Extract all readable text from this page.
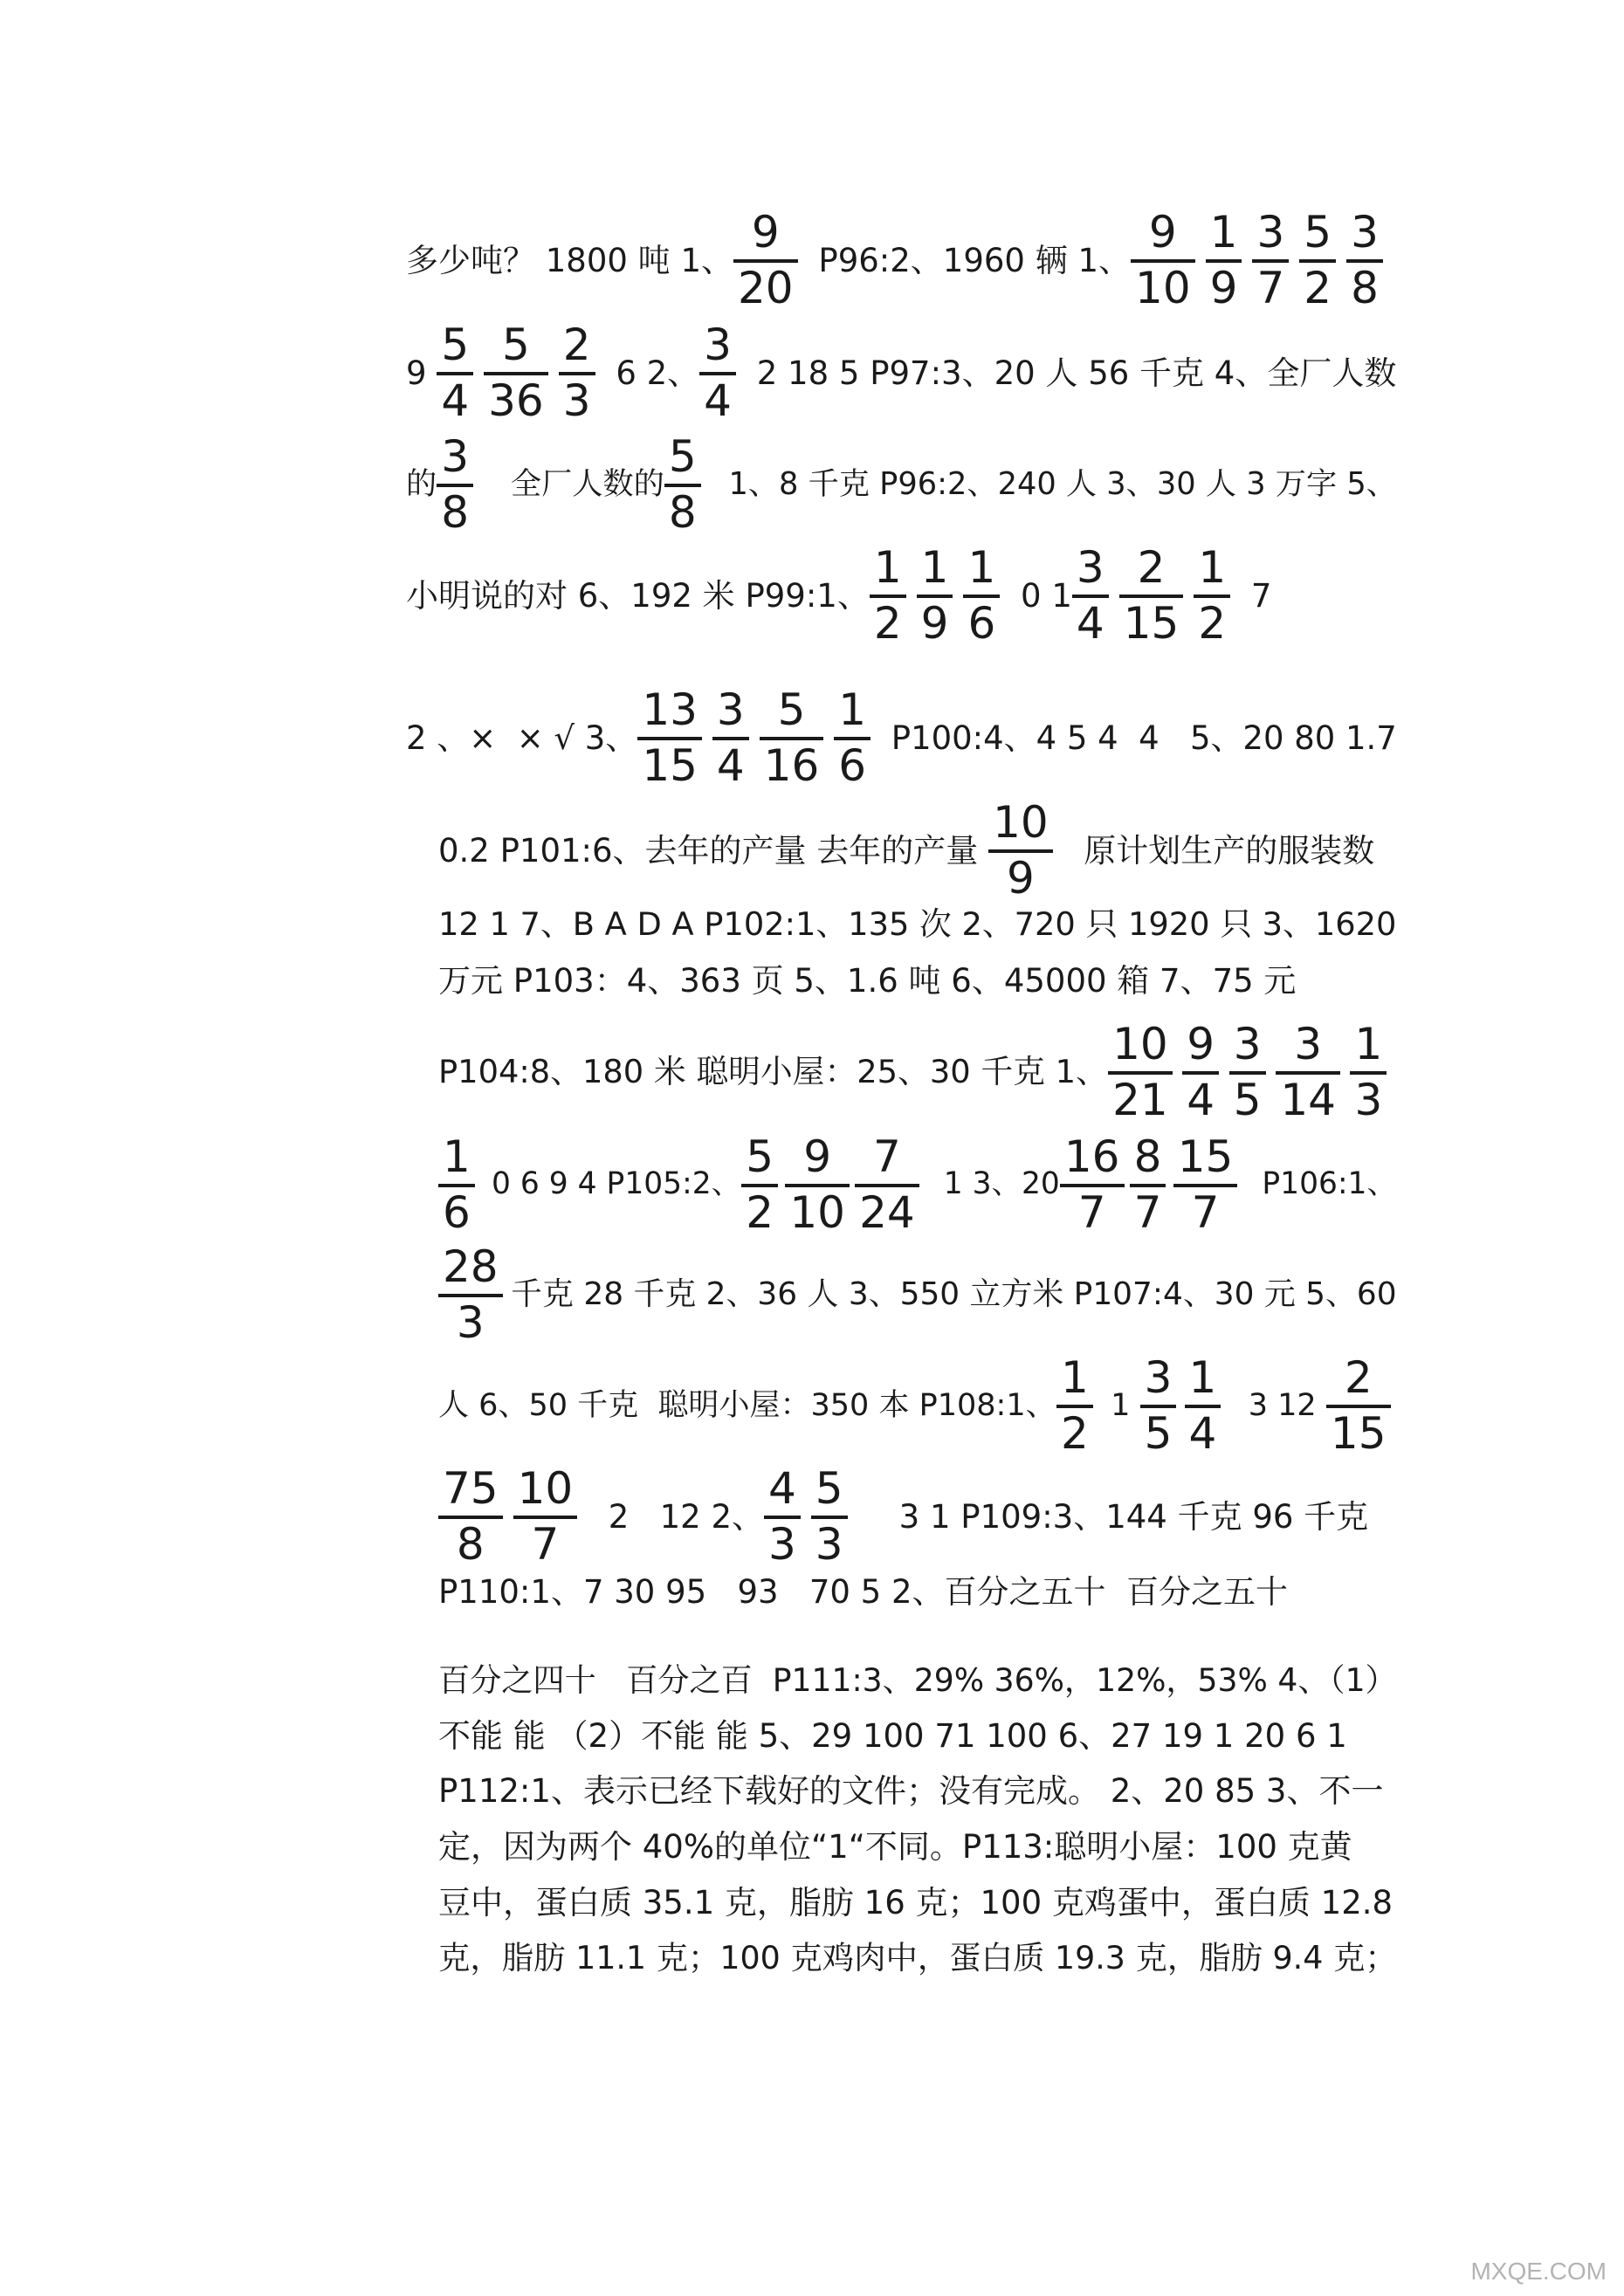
多少吨？ 1800 吨 1、
9
20
P96:2、1960 辆 1、
9
10
1
9
3
7
5
2
3
8
9
5
4
5
36
2
3
6 2、
3
4
2 18 5 P97:3、20 人 56 千克 4、全厂人数
的
3
8
全厂人数的
5
8
1、8 千克 P96:2、240 人 3、30 人 3 万字 5、
小明说的对 6、192 米 P99:1、
1
2
1
9
1
6
0 1
3
4
2
15
1
2
7
2 、×  × √ 3、
13
15
3
4
5
16
1
6
P100:4、4 5 4  4   5、20 80 1.7
0.2 P101:6、去年的产量 去年的产量
10
9
原计划生产的服装数
12 1 7、B A D A P102:1、135 次 2、720 只 1920 只 3、1620
万元 P103：4、363 页 5、1.6 吨 6、45000 箱 7、75 元
P104:8、180 米 聪明小屋：25、30 千克 1、
10
21
9
4
3
5
3
14
1
3
1
6
0 6 9 4 P105:2、
5
2
9
10
7
24
1 3、20
16
7
8
7
15
7
P106:1、
28
3
千克 28 千克 2、36 人 3、550 立方米 P107:4、30 元 5、60
人 6、50 千克  聪明小屋：350 本 P108:1、
1
2
1
3
5
1
4
3 12
2
15
75
8
10
7
2   12 2、
4
3
5
3
3 1 P109:3、144 千克 96 千克
P110:1、7 30 95   93   70 5 2、百分之五十  百分之五十
百分之四十   百分之百  P111:3、29% 36%，12%，53% 4、（1）
不能 能 （2）不能 能 5、29 100 71 100 6、27 19 1 20 6 1
P112:1、表示已经下载好的文件；没有完成。 2、20 85 3、不一
定，因为两个 40%的单位“1“不同。P113:聪明小屋：100 克黄
豆中，蛋白质 35.1 克，脂肪 16 克；100 克鸡蛋中，蛋白质 12.8
克，脂肪 11.1 克；100 克鸡肉中，蛋白质 19.3 克，脂肪 9.4 克；
MXQE.COM
